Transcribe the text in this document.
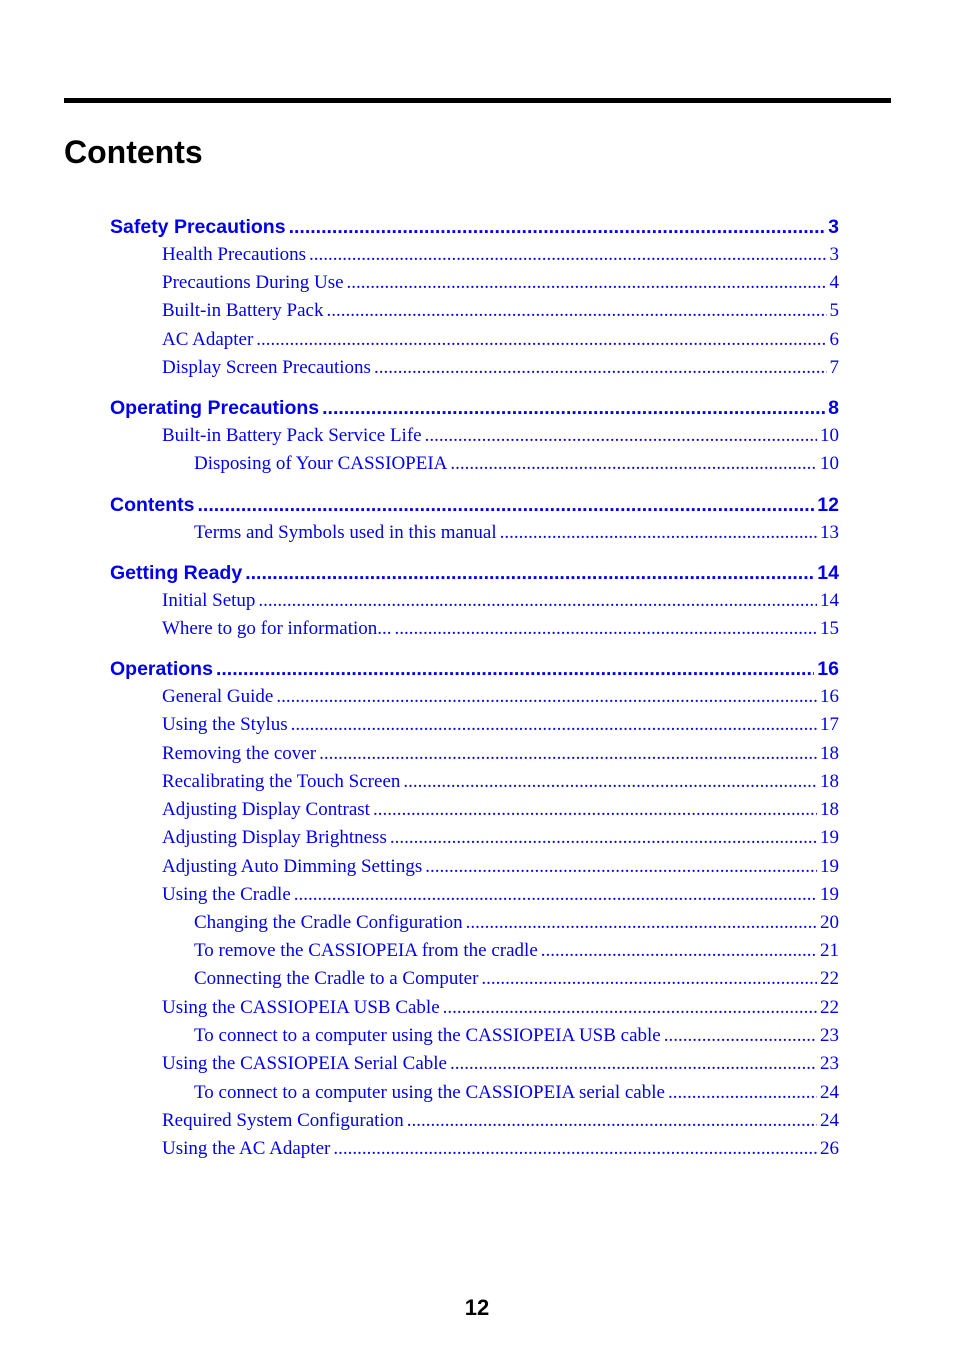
Contents
Safety Precautions .....	3
Health Precautions .....	3
Precautions During Use .....	4
Built-in Battery Pack .....	5
AC Adapter .....	6
Display Screen Precautions .....	7
Operating Precautions .....	8
Built-in Battery Pack Service Life .....	10
Disposing of Your CASSIOPEIA .....	10
Contents .....	12
Terms and Symbols used in this manual .....	13
Getting Ready .....	14
Initial Setup .....	14
Where to go for information... .....	15
Operations .....	16
General Guide .....	16
Using the Stylus .....	17
Removing the cover .....	18
Recalibrating the Touch Screen .....	18
Adjusting Display Contrast .....	18
Adjusting Display Brightness .....	19
Adjusting Auto Dimming Settings .....	19
Using the Cradle .....	19
Changing the Cradle Configuration .....	20
To remove the CASSIOPEIA from the cradle .....	21
Connecting the Cradle to a Computer .....	22
Using the CASSIOPEIA USB Cable .....	22
To connect to a computer using the CASSIOPEIA USB cable .....	23
Using the CASSIOPEIA Serial Cable .....	23
To connect to a computer using the CASSIOPEIA serial cable .....	24
Required System Configuration .....	24
Using the AC Adapter .....	26

12
